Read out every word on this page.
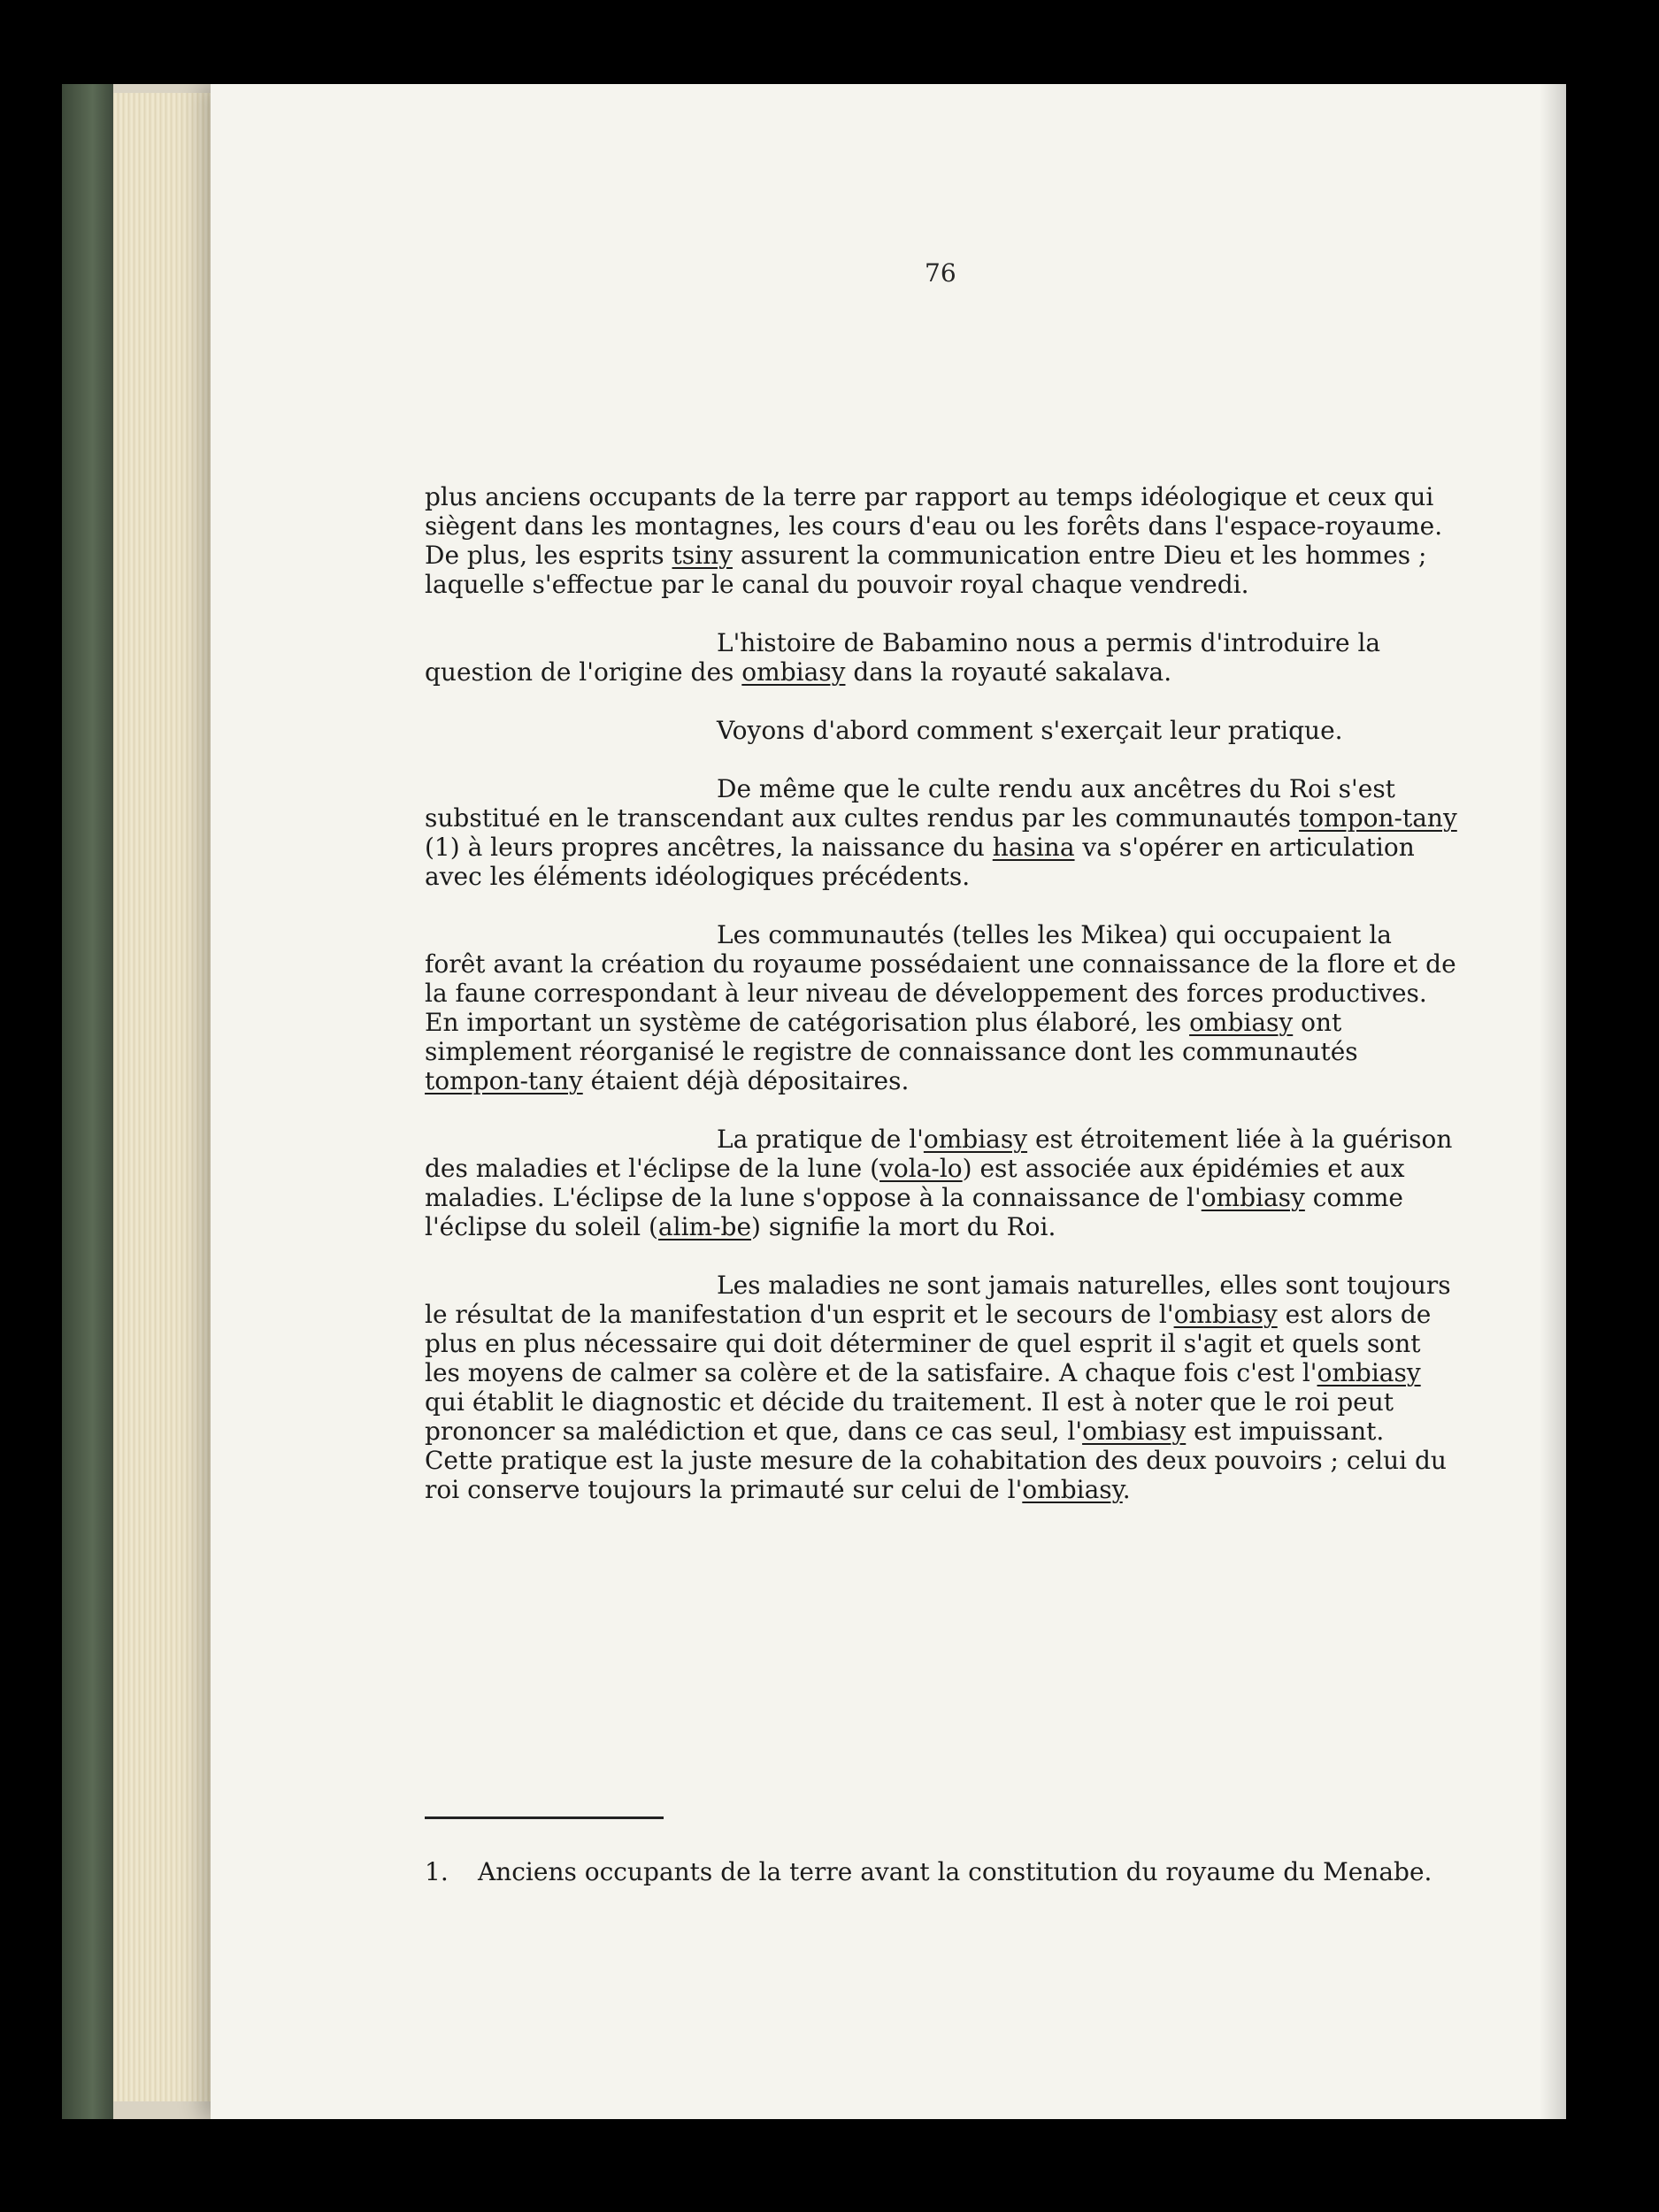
76

plus anciens occupants de la terre par rapport au temps idéologique et ceux qui siègent dans les montagnes, les cours d'eau ou les forêts dans l'espace-royaume. De plus, les esprits tsiny assurent la communication entre Dieu et les hommes ; laquelle s'effectue par le canal du pouvoir royal chaque vendredi.

L'histoire de Babamino nous a permis d'introduire la question de l'origine des ombiasy dans la royauté sakalava.

Voyons d'abord comment s'exerçait leur pratique.

De même que le culte rendu aux ancêtres du Roi s'est substitué en le transcendant aux cultes rendus par les communautés tompon-tany (1) à leurs propres ancêtres, la naissance du hasina va s'opérer en articulation avec les éléments idéologiques précédents.

Les communautés (telles les Mikea) qui occupaient la forêt avant la création du royaume possédaient une connaissance de la flore et de la faune correspondant à leur niveau de développement des forces productives. En important un système de catégorisation plus élaboré, les ombiasy ont simplement réorganisé le registre de connaissance dont les communautés tompon-tany étaient déjà dépositaires.

La pratique de l'ombiasy est étroitement liée à la guérison des maladies et l'éclipse de la lune (vola-lo) est associée aux épidémies et aux maladies. L'éclipse de la lune s'oppose à la connaissance de l'ombiasy comme l'éclipse du soleil (alim-be) signifie la mort du Roi.

Les maladies ne sont jamais naturelles, elles sont toujours le résultat de la manifestation d'un esprit et le secours de l'ombiasy est alors de plus en plus nécessaire qui doit déterminer de quel esprit il s'agit et quels sont les moyens de calmer sa colère et de la satisfaire. A chaque fois c'est l'ombiasy qui établit le diagnostic et décide du traitement. Il est à noter que le roi peut prononcer sa malédiction et que, dans ce cas seul, l'ombiasy est impuissant. Cette pratique est la juste mesure de la cohabitation des deux pouvoirs ; celui du roi conserve toujours la primauté sur celui de l'ombiasy.

1.	Anciens occupants de la terre avant la constitution du royaume du Menabe.
